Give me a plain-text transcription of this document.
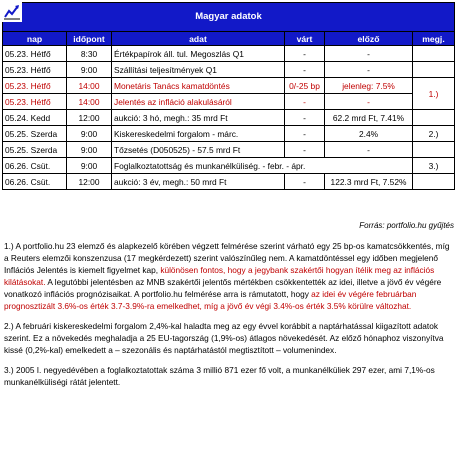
Magyar adatok					
nap	időpont	adat	várt	előző	megj.
05.23. Hétfő	8:30	Értékpapírok áll. tul. Megoszlás Q1	-	-	
05.23. Hétfő	9:00	Szállítási teljesítmények Q1	-	-	
05.23. Hétfő	14:00	Monetáris Tanács kamatdöntés	0/-25 bp	jelenleg: 7.5%	1.)
05.23. Hétfő	14:00	Jelentés az infláció alakulásáról	-	-	
05.24. Kedd	12:00	aukció: 3 hó, megh.: 35 mrd Ft	-	62.2 mrd Ft, 7.41%	
05.25. Szerda	9:00	Kiskereskedelmi forgalom - márc.	-	2.4%	2.)
05.25. Szerda	9:00	Tőzsetés (D050525) - 57.5 mrd Ft	-	-	
06.26. Csüt.	9:00	Foglalkoztatottság és munkanélküliség. - febr. - ápr.			3.)
06.26. Csüt.	12:00	aukció: 3 év, megh.: 50 mrd Ft	-	122.3 mrd Ft, 7.52%	
Forrás: portfolio.hu gyűjtés

1.) A portfolio.hu 23 elemző és alapkezelő körében végzett felmérése szerint várható egy 25 bp-os kamatcsökkentés, míg a Reuters elemzői konszenzusa (17 megkérdezett) szerint valószínűleg nem. A kamatdöntéssel egy időben megjelenő Inflációs Jelentés is kiemelt figyelmet kap, különösen fontos, hogy a jegybank szakértői hogyan ítélik meg az inflációs kilátásokat. A legutóbbi jelentésben az MNB szakértői jelentős mértékben csökkentették az idei, illetve a jövő év végére vonatkozó inflációs prognózisaikat. A portfolio.hu felmérése arra is rámutatott, hogy az idei év végére februárban prognosztizált 3.6%-os érték 3.7-3.9%-ra emelkedhet, míg a jövő év végi 3.4%-os érték 3.5% körülre változhat.

2.) A februári kiskereskedelmi forgalom 2,4%-kal haladta meg az egy évvel korábbit a naptárhatással kiigazított adatok szerint. Ez a növekedés meghaladja a 25 EU-tagország (1,9%-os) átlagos növekedését. Az előző hónaphoz viszonyítva kissé (0,2%-kal) emelkedett a – szezonális és naptárhatástól megtisztított – volumenindex.

3.) 2005 I. negyedévében a foglalkoztatottak száma 3 millió 871 ezer fő volt, a munkanélküliek 297 ezer, ami 7,1%-os munkanélküliségi rátát jelentett.
